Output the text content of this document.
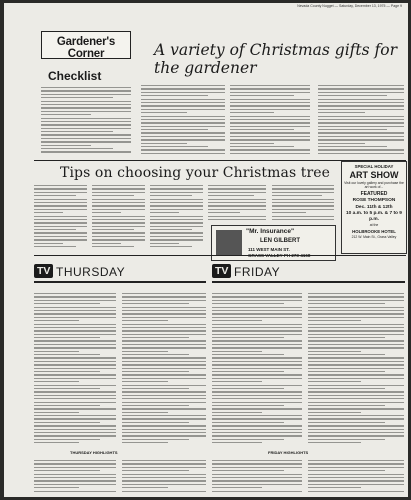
Nevada County Nugget — Saturday, December 13, 1975 — Page 9
Gardener's Corner
Checklist
A variety of Christmas gifts for the gardener
Tips on choosing your Christmas tree
"Mr. Insurance"
LEN GILBERT
111 WEST MAIN ST.
SPECIAL HOLIDAY
ART SHOW
Visit our lovely gallery and purchase the art work of...
FEATURED
ROSE THOMPSON
Dec. 11th & 12th
10 a.m. to 5 p.m. & 7 to 9 p.m.
at the
HOLBROOKE HOTEL
212 W. Main St., Grass Valley
TV THURSDAY	TV FRIDAY
THURSDAY HIGHLIGHTS	FRIDAY HIGHLIGHTS
